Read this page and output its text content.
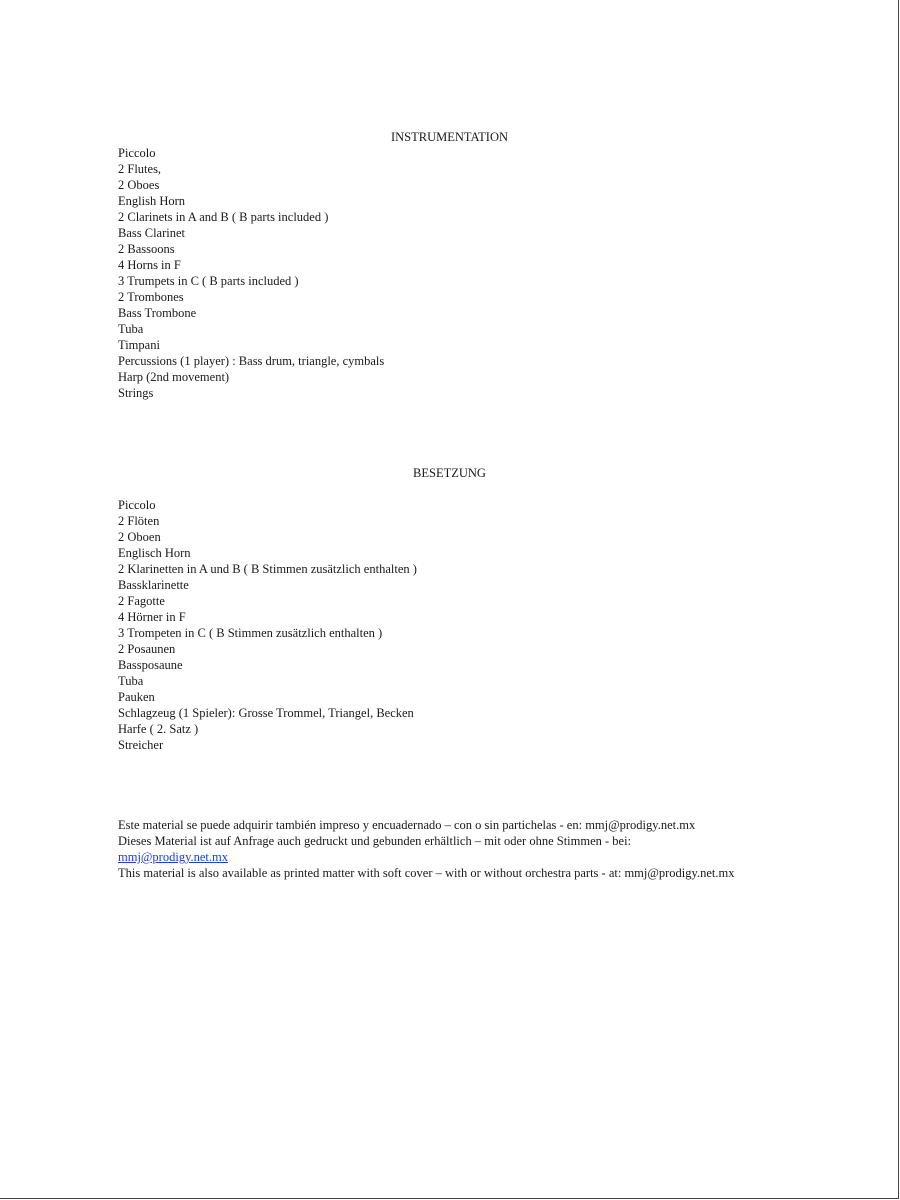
INSTRUMENTATION

Piccolo
2 Flutes,
2 Oboes
English Horn
2 Clarinets in A and B ( B parts included )
Bass Clarinet
2 Bassoons
4 Horns in F
3 Trumpets in C ( B parts included )
2 Trombones
Bass Trombone
Tuba
Timpani
Percussions (1 player) : Bass drum, triangle, cymbals
Harp (2nd movement)
Strings

BESETZUNG

Piccolo
2 Flöten
2 Oboen
Englisch Horn
2 Klarinetten in A und B ( B Stimmen zusätzlich enthalten )
Bassklarinette
2 Fagotte
4 Hörner in F
3 Trompeten in C ( B Stimmen zusätzlich enthalten )
2 Posaunen
Bassposaune
Tuba
Pauken
Schlagzeug (1 Spieler): Grosse Trommel, Triangel, Becken
Harfe ( 2. Satz )
Streicher

Este material se puede adquirir también impreso y encuadernado – con o sin partichelas - en: mmj@prodigy.net.mx

Dieses Material ist auf Anfrage auch gedruckt und gebunden erhältlich – mit oder ohne Stimmen - bei:

mmj@prodigy.net.mx

This material is also available as printed matter with soft cover – with or without orchestra parts - at: mmj@prodigy.net.mx
